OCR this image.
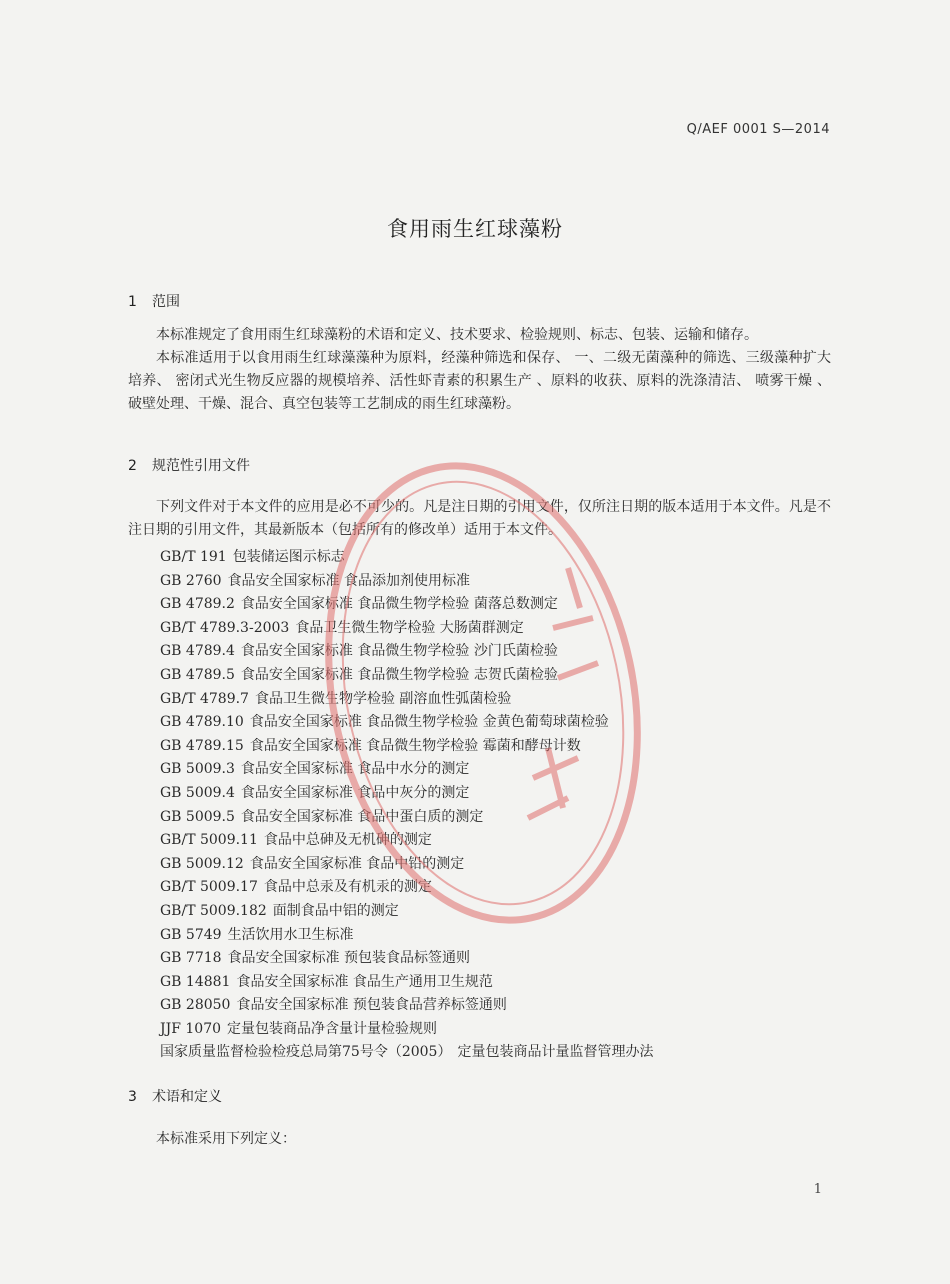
Q/AEF 0001 S—2014
食用雨生红球藻粉
1 范围

本标准规定了食用雨生红球藻粉的术语和定义、技术要求、检验规则、标志、包装、运输和储存。

本标准适用于以食用雨生红球藻藻种为原料，经藻种筛选和保存、 一、二级无菌藻种的筛选、三级藻种扩大培养、 密闭式光生物反应器的规模培养、活性虾青素的积累生产 、原料的收获、原料的洗涤清洁、 喷雾干燥 、破壁处理、干燥、混合、真空包装等工艺制成的雨生红球藻粉。

2 规范性引用文件

下列文件对于本文件的应用是必不可少的。凡是注日期的引用文件，仅所注日期的版本适用于本文件。凡是不注日期的引用文件，其最新版本（包括所有的修改单）适用于本文件。

GB/T 191 包装储运图示标志
GB 2760 食品安全国家标准 食品添加剂使用标准
GB 4789.2 食品安全国家标准 食品微生物学检验 菌落总数测定
GB/T 4789.3-2003 食品卫生微生物学检验 大肠菌群测定
GB 4789.4 食品安全国家标准 食品微生物学检验 沙门氏菌检验
GB 4789.5 食品安全国家标准 食品微生物学检验 志贺氏菌检验
GB/T 4789.7 食品卫生微生物学检验 副溶血性弧菌检验
GB 4789.10 食品安全国家标准 食品微生物学检验 金黄色葡萄球菌检验
GB 4789.15 食品安全国家标准 食品微生物学检验 霉菌和酵母计数
GB 5009.3 食品安全国家标准 食品中水分的测定
GB 5009.4 食品安全国家标准 食品中灰分的测定
GB 5009.5 食品安全国家标准 食品中蛋白质的测定
GB/T 5009.11 食品中总砷及无机砷的测定
GB 5009.12 食品安全国家标准 食品中铅的测定
GB/T 5009.17 食品中总汞及有机汞的测定
GB/T 5009.182 面制食品中铝的测定
GB 5749 生活饮用水卫生标准
GB 7718 食品安全国家标准 预包装食品标签通则
GB 14881 食品安全国家标准 食品生产通用卫生规范
GB 28050 食品安全国家标准 预包装食品营养标签通则
JJF 1070 定量包装商品净含量计量检验规则
国家质量监督检验检疫总局第75号令（2005） 定量包装商品计量监督管理办法
3 术语和定义

本标准采用下列定义：

1
